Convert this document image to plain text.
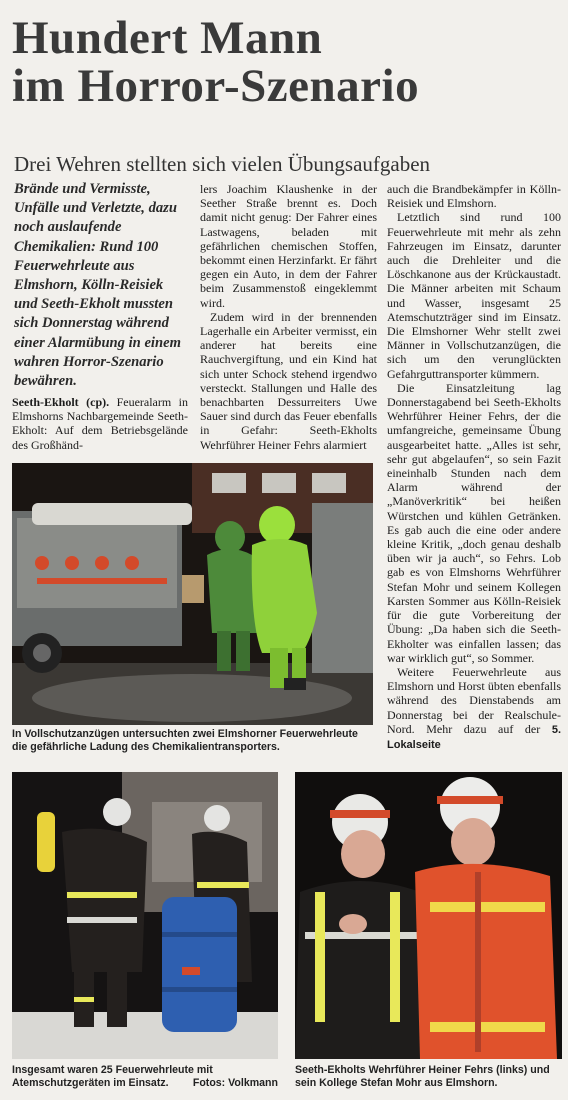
Hundert Mann
im Horror-Szenario
Drei Wehren stellten sich vielen Übungsaufgaben
Brände und Vermisste, Unfälle und Verletzte, dazu noch auslaufende Chemikalien: Rund 100 Feuerwehrleute aus Elmshorn, Kölln-Reisiek und Seeth-Ekholt mussten sich Donnerstag während einer Alarmübung in einem wahren Horror-Szenario bewähren.

Seeth-Ekholt (cp). Feueralarm in Elmshorns Nachbargemeinde Seeth-Ekholt: Auf dem Betriebsgelände des Großhänd-

lers Joachim Klaushenke in der Seether Straße brennt es. Doch damit nicht genug: Der Fahrer eines Lastwagens, beladen mit gefährlichen chemischen Stoffen, bekommt einen Herzinfarkt. Er fährt gegen ein Auto, in dem der Fahrer beim Zusammenstoß eingeklemmt wird.

Zudem wird in der brennenden Lagerhalle ein Arbeiter vermisst, ein anderer hat bereits eine Rauchvergiftung, und ein Kind hat sich unter Schock stehend irgendwo versteckt. Stallungen und Halle des benachbarten Dessurreiters Uwe Sauer sind durch das Feuer ebenfalls in Gefahr: Seeth-Ekholts Wehrführer Heiner Fehrs alarmiert

auch die Brandbekämpfer in Kölln-Reisiek und Elmshorn.

Letztlich sind rund 100 Feuerwehrleute mit mehr als zehn Fahrzeugen im Einsatz, darunter auch die Drehleiter und die Löschkanone aus der Krückaustadt. Die Männer arbeiten mit Schaum und Wasser, insgesamt 25 Atemschutzträger sind im Einsatz. Die Elmshorner Wehr stellt zwei Männer in Vollschutzanzügen, die sich um den verunglückten Gefahrguttransporter kümmern.

Die Einsatzleitung lag Donnerstagabend bei Seeth-Ekholts Wehrführer Heiner Fehrs, der die umfangreiche, gemeinsame Übung ausgearbeitet hatte. „Alles ist sehr, sehr gut abgelaufen“, so sein Fazit eineinhalb Stunden nach dem Alarm während der „Manöverkritik“ bei heißen Würstchen und kühlen Getränken. Es gab auch die eine oder andere kleine Kritik, „doch genau deshalb üben wir ja auch“, so Fehrs. Lob gab es von Elmshorns Wehrführer Stefan Mohr und seinem Kollegen Karsten Sommer aus Kölln-Reisiek für die gute Vorbereitung der Übung: „Da haben sich die Seeth-Ekholter was einfallen lassen; das war wirklich gut“, so Sommer.

Weitere Feuerwehrleute aus Elmshorn und Horst übten ebenfalls während des Dienstabends am Donnerstag bei der Realschule-Nord. Mehr dazu auf der 5. Lokalseite

In Vollschutzanzügen untersuchten zwei Elmshorner Feuerwehrleute die gefährliche Ladung des Chemikalientransporters.
Insgesamt waren 25 Feuerwehrleute mit Atemschutzgeräten im Einsatz. Fotos: Volkmann
Seeth-Ekholts Wehrführer Heiner Fehrs (links) und sein Kollege Stefan Mohr aus Elmshorn.
